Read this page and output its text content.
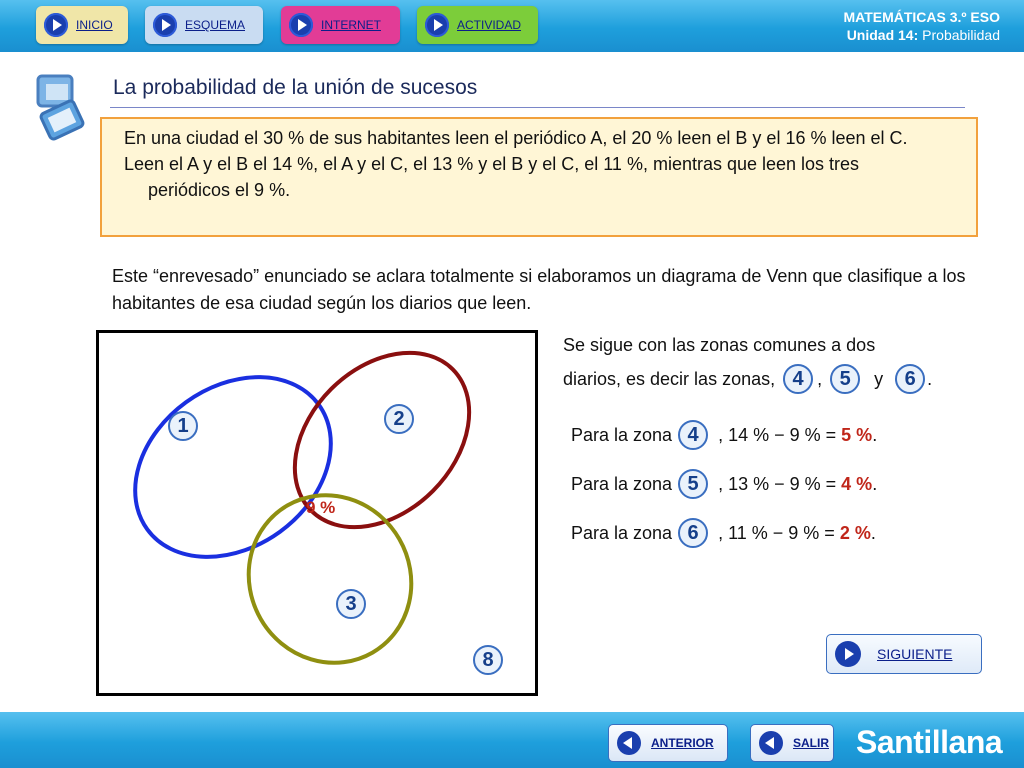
INICIO	ESQUEMA	INTERNET	ACTIVIDAD	MATEMÁTICAS 3.º ESO
Unidad 14: Probabilidad
La probabilidad de la unión de sucesos

En una ciudad el 30 % de sus habitantes leen el periódico A, el 20 % leen el B y el 16 % leen el C.

Leen el A y el B el 14 %, el A y el C, el 13 % y el B y el C, el 11 %, mientras que leen los tres periódicos el 9 %.

Este “enrevesado” enunciado se aclara totalmente si elaboramos un diagrama de Venn que clasifique a los habitantes de esa ciudad según los diarios que leen.
1	2
3
8
9 %
Se sigue con las zonas comunes a dos
diarios, es decir las zonas, 4 , 5	y	6 .
Para la zona 4	, 14 % − 9 % = 5 % .
Para la zona 5	, 13 % − 9 % = 4 % .
Para la zona 6	, 11 % − 9 % = 2 % .
SIGUIENTE
ANTERIOR	SALIR Santillana
